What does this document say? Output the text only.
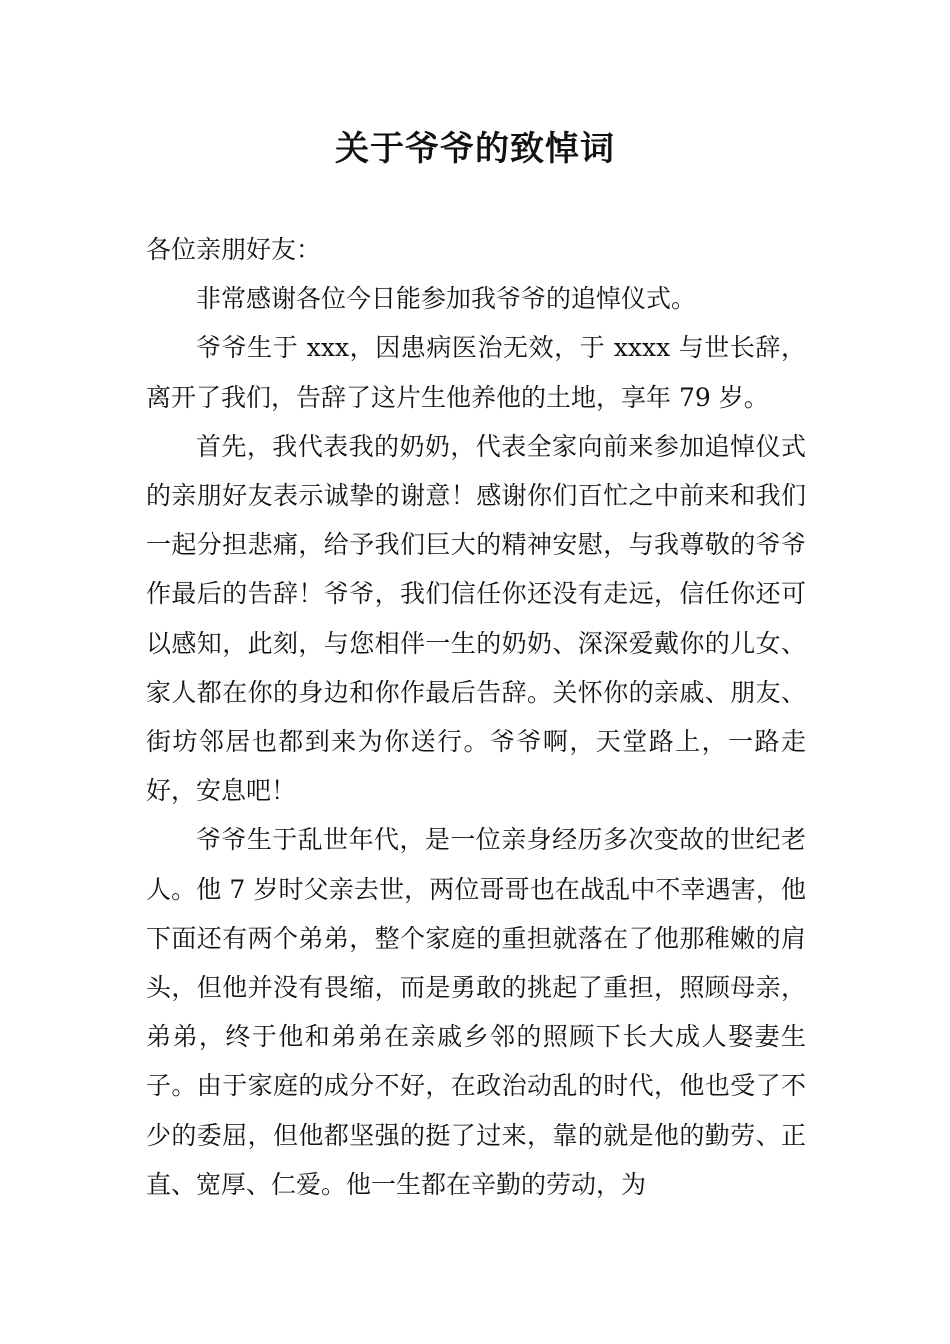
关于爷爷的致悼词

各位亲朋好友：

非常感谢各位今日能参加我爷爷的追悼仪式。

爷爷生于 xxx，因患病医治无效，于 xxxx 与世长辞，离开了我们，告辞了这片生他养他的土地，享年 79 岁。

首先，我代表我的奶奶，代表全家向前来参加追悼仪式的亲朋好友表示诚挚的谢意！感谢你们百忙之中前来和我们一起分担悲痛，给予我们巨大的精神安慰，与我尊敬的爷爷作最后的告辞！爷爷，我们信任你还没有走远，信任你还可以感知，此刻，与您相伴一生的奶奶、深深爱戴你的儿女、家人都在你的身边和你作最后告辞。关怀你的亲戚、朋友、街坊邻居也都到来为你送行。爷爷啊，天堂路上，一路走好，安息吧！

爷爷生于乱世年代，是一位亲身经历多次变故的世纪老人。他 7 岁时父亲去世，两位哥哥也在战乱中不幸遇害，他下面还有两个弟弟，整个家庭的重担就落在了他那稚嫩的肩头，但他并没有畏缩，而是勇敢的挑起了重担，照顾母亲，弟弟，终于他和弟弟在亲戚乡邻的照顾下长大成人娶妻生子。由于家庭的成分不好，在政治动乱的时代，他也受了不少的委屈，但他都坚强的挺了过来，靠的就是他的勤劳、正直、宽厚、仁爱。他一生都在辛勤的劳动，为
